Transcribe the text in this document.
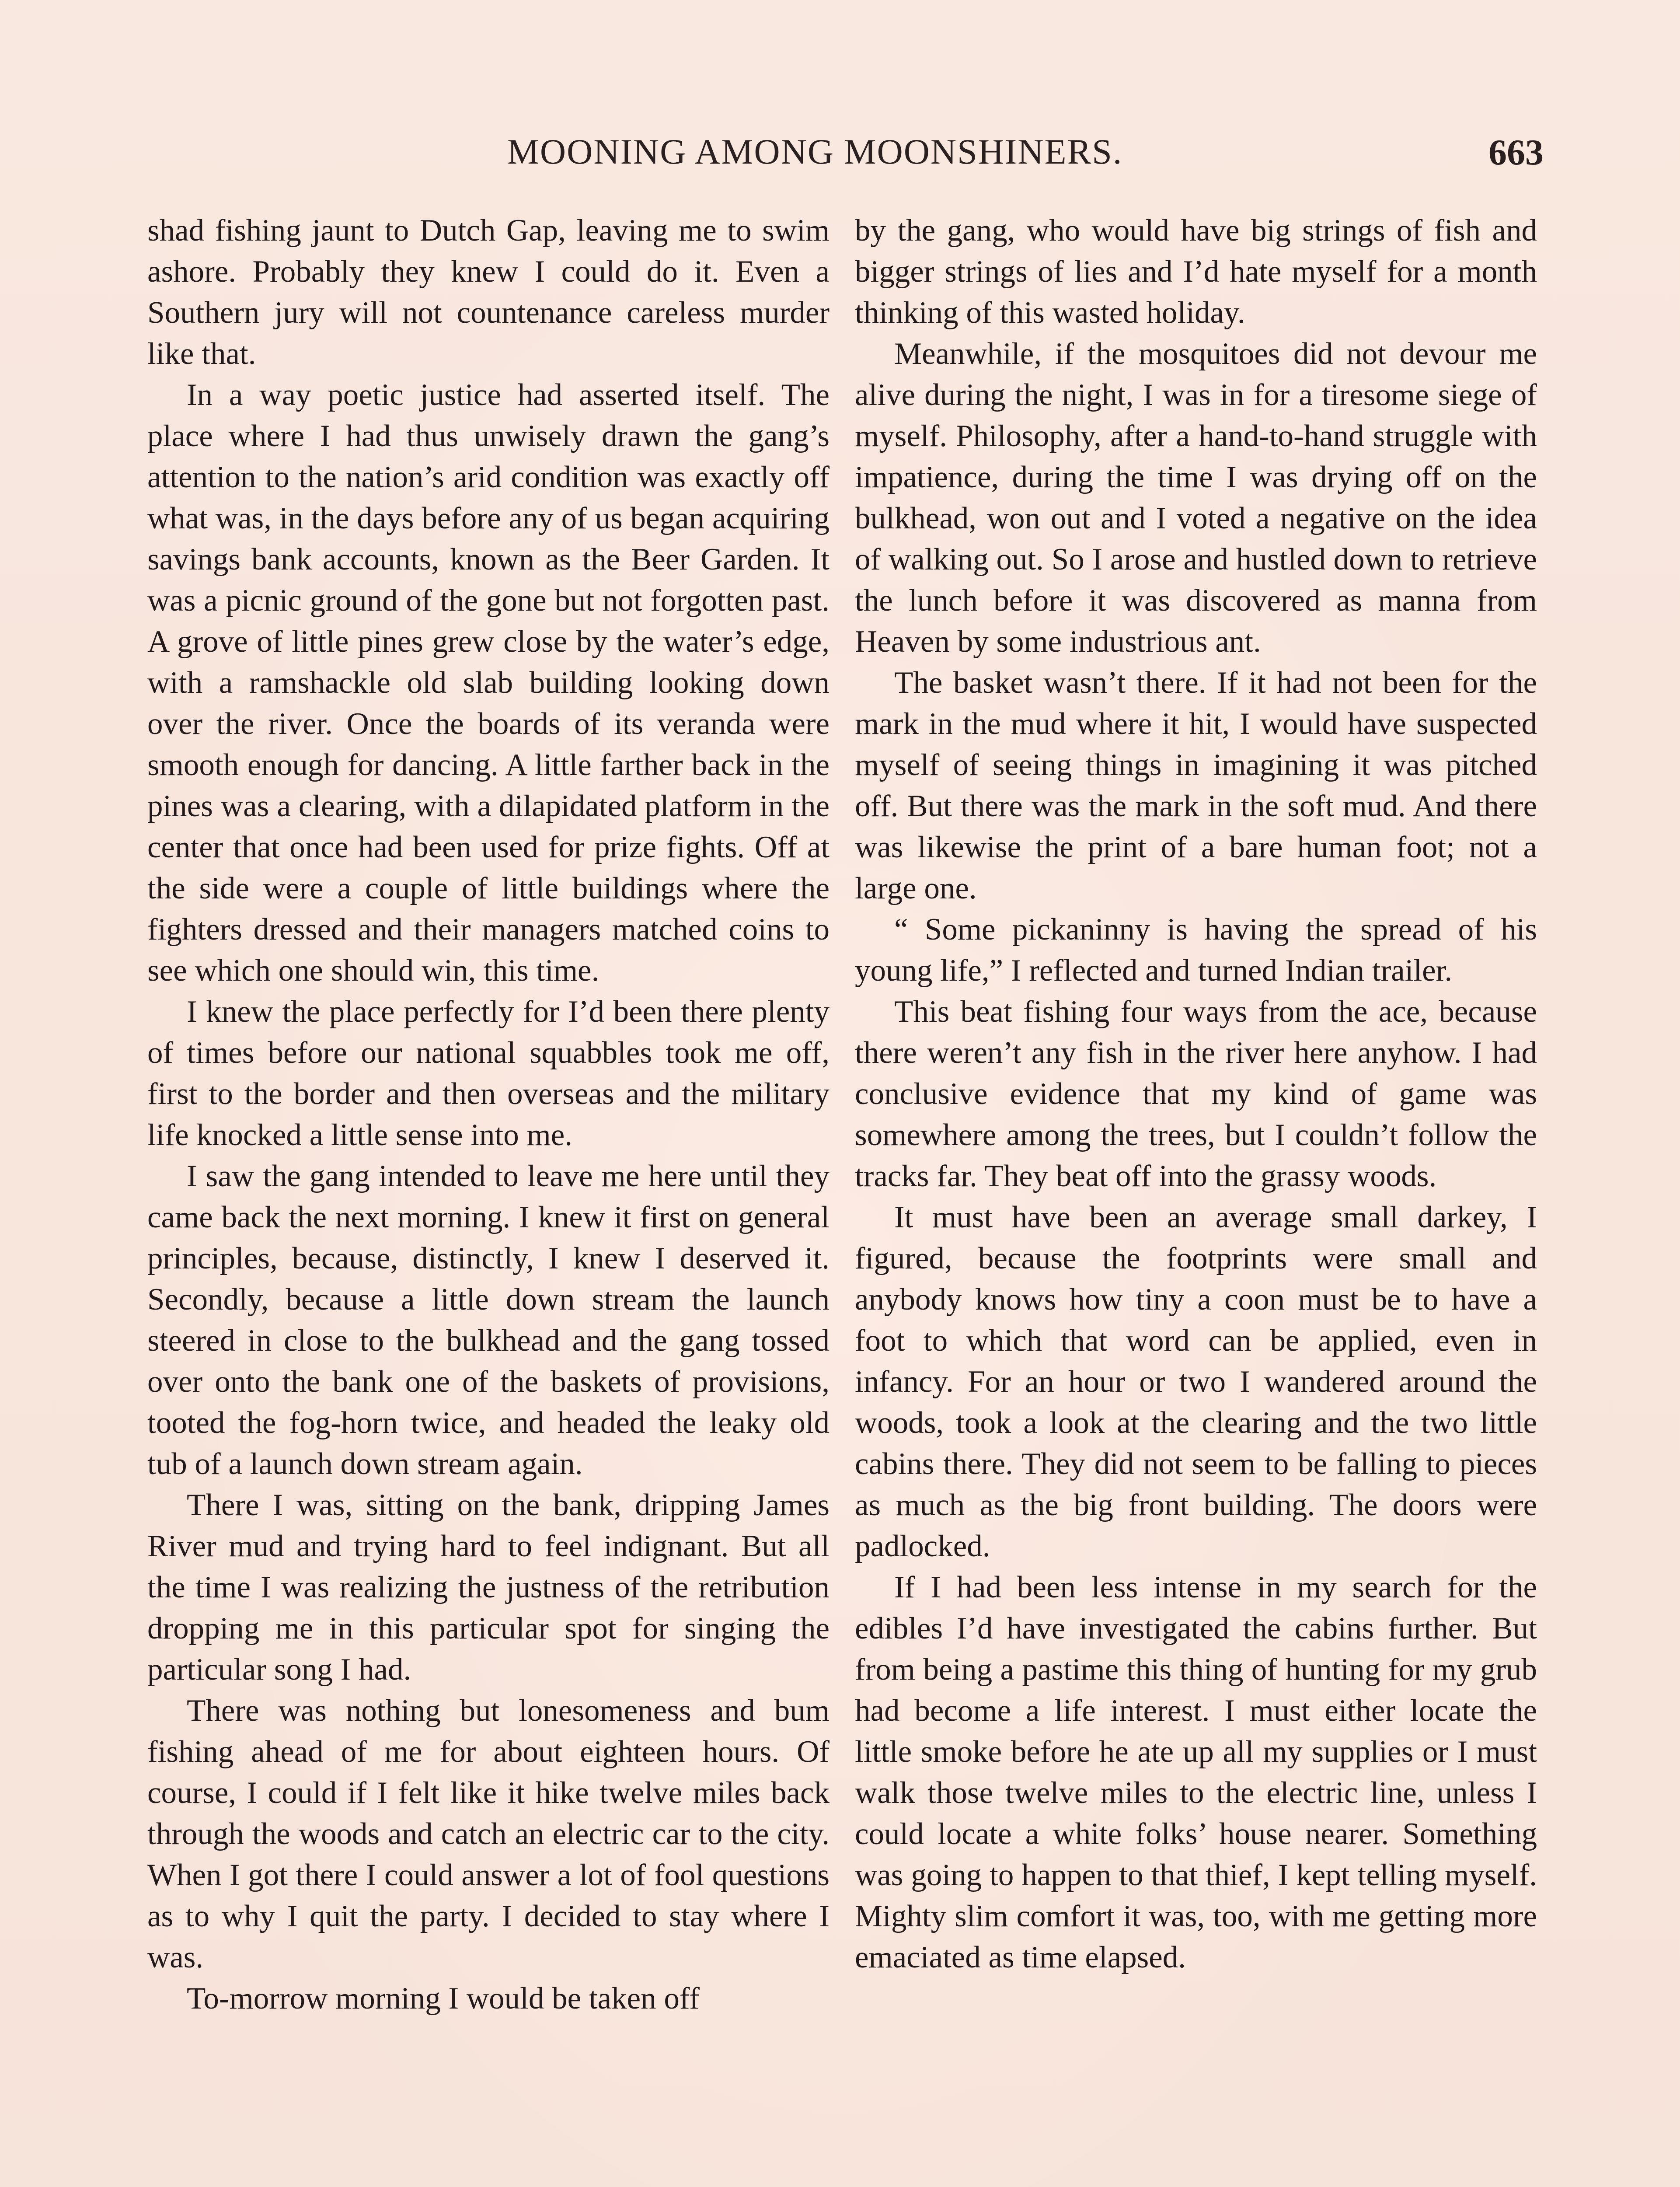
MOONING AMONG MOONSHINERS.	663

shad fishing jaunt to Dutch Gap, leaving me to swim ashore. Probably they knew I could do it. Even a Southern jury will not countenance careless murder like that.

In a way poetic justice had asserted itself. The place where I had thus unwisely drawn the gang’s attention to the nation’s arid condition was exactly off what was, in the days before any of us began acquiring savings bank accounts, known as the Beer Garden. It was a picnic ground of the gone but not forgotten past. A grove of little pines grew close by the water’s edge, with a ramshackle old slab building looking down over the river. Once the boards of its veranda were smooth enough for dancing. A little farther back in the pines was a clearing, with a dilapidated platform in the center that once had been used for prize fights. Off at the side were a couple of little buildings where the fighters dressed and their managers matched coins to see which one should win, this time.

I knew the place perfectly for I’d been there plenty of times before our national squabbles took me off, first to the border and then overseas and the military life knocked a little sense into me.

I saw the gang intended to leave me here until they came back the next morning. I knew it first on general principles, because, distinctly, I knew I deserved it. Secondly, because a little down stream the launch steered in close to the bulkhead and the gang tossed over onto the bank one of the baskets of provisions, tooted the fog-horn twice, and headed the leaky old tub of a launch down stream again.

There I was, sitting on the bank, dripping James River mud and trying hard to feel indignant. But all the time I was realizing the justness of the retribution dropping me in this particular spot for singing the particular song I had.

There was nothing but lonesomeness and bum fishing ahead of me for about eighteen hours. Of course, I could if I felt like it hike twelve miles back through the woods and catch an electric car to the city. When I got there I could answer a lot of fool questions as to why I quit the party. I decided to stay where I was.

To-morrow morning I would be taken off

by the gang, who would have big strings of fish and bigger strings of lies and I’d hate myself for a month thinking of this wasted holiday.

Meanwhile, if the mosquitoes did not devour me alive during the night, I was in for a tiresome siege of myself. Philosophy, after a hand-to-hand struggle with impatience, during the time I was drying off on the bulkhead, won out and I voted a negative on the idea of walking out. So I arose and hustled down to retrieve the lunch before it was discovered as manna from Heaven by some industrious ant.

The basket wasn’t there. If it had not been for the mark in the mud where it hit, I would have suspected myself of seeing things in imagining it was pitched off. But there was the mark in the soft mud. And there was likewise the print of a bare human foot; not a large one.

“ Some pickaninny is having the spread of his young life,” I reflected and turned Indian trailer.

This beat fishing four ways from the ace, because there weren’t any fish in the river here anyhow. I had conclusive evidence that my kind of game was somewhere among the trees, but I couldn’t follow the tracks far. They beat off into the grassy woods.

It must have been an average small darkey, I figured, because the footprints were small and anybody knows how tiny a coon must be to have a foot to which that word can be applied, even in infancy. For an hour or two I wandered around the woods, took a look at the clearing and the two little cabins there. They did not seem to be falling to pieces as much as the big front building. The doors were padlocked.

If I had been less intense in my search for the edibles I’d have investigated the cabins further. But from being a pastime this thing of hunting for my grub had become a life interest. I must either locate the little smoke before he ate up all my supplies or I must walk those twelve miles to the electric line, unless I could locate a white folks’ house nearer. Something was going to happen to that thief, I kept telling myself. Mighty slim comfort it was, too, with me getting more emaciated as time elapsed.
